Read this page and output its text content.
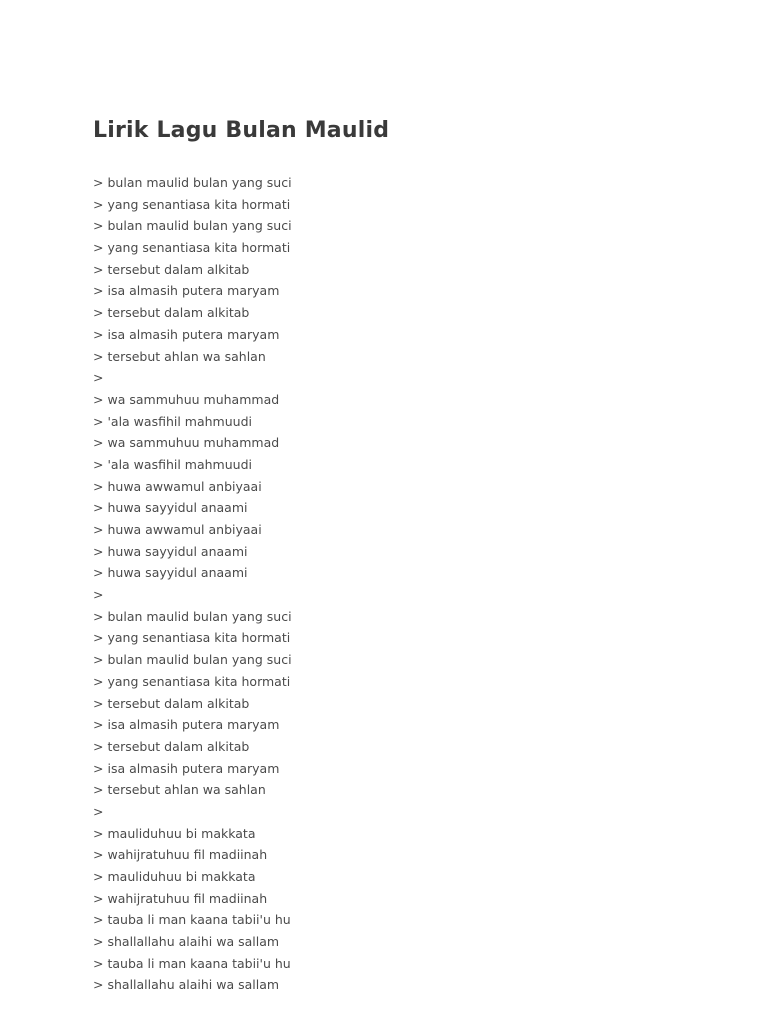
Lirik Lagu Bulan Maulid
> bulan maulid bulan yang suci
> yang senantiasa kita hormati
> bulan maulid bulan yang suci
> yang senantiasa kita hormati
> tersebut dalam alkitab
> isa almasih putera maryam
> tersebut dalam alkitab
> isa almasih putera maryam
> tersebut ahlan wa sahlan
>
> wa sammuhuu muhammad
> 'ala wasfihil mahmuudi
> wa sammuhuu muhammad
> 'ala wasfihil mahmuudi
> huwa awwamul anbiyaai
> huwa sayyidul anaami
> huwa awwamul anbiyaai
> huwa sayyidul anaami
> huwa sayyidul anaami
>
> bulan maulid bulan yang suci
> yang senantiasa kita hormati
> bulan maulid bulan yang suci
> yang senantiasa kita hormati
> tersebut dalam alkitab
> isa almasih putera maryam
> tersebut dalam alkitab
> isa almasih putera maryam
> tersebut ahlan wa sahlan
>
> mauliduhuu bi makkata
> wahijratuhuu fil madiinah
> mauliduhuu bi makkata
> wahijratuhuu fil madiinah
> tauba li man kaana tabii'u hu
> shallallahu alaihi wa sallam
> tauba li man kaana tabii'u hu
> shallallahu alaihi wa sallam
